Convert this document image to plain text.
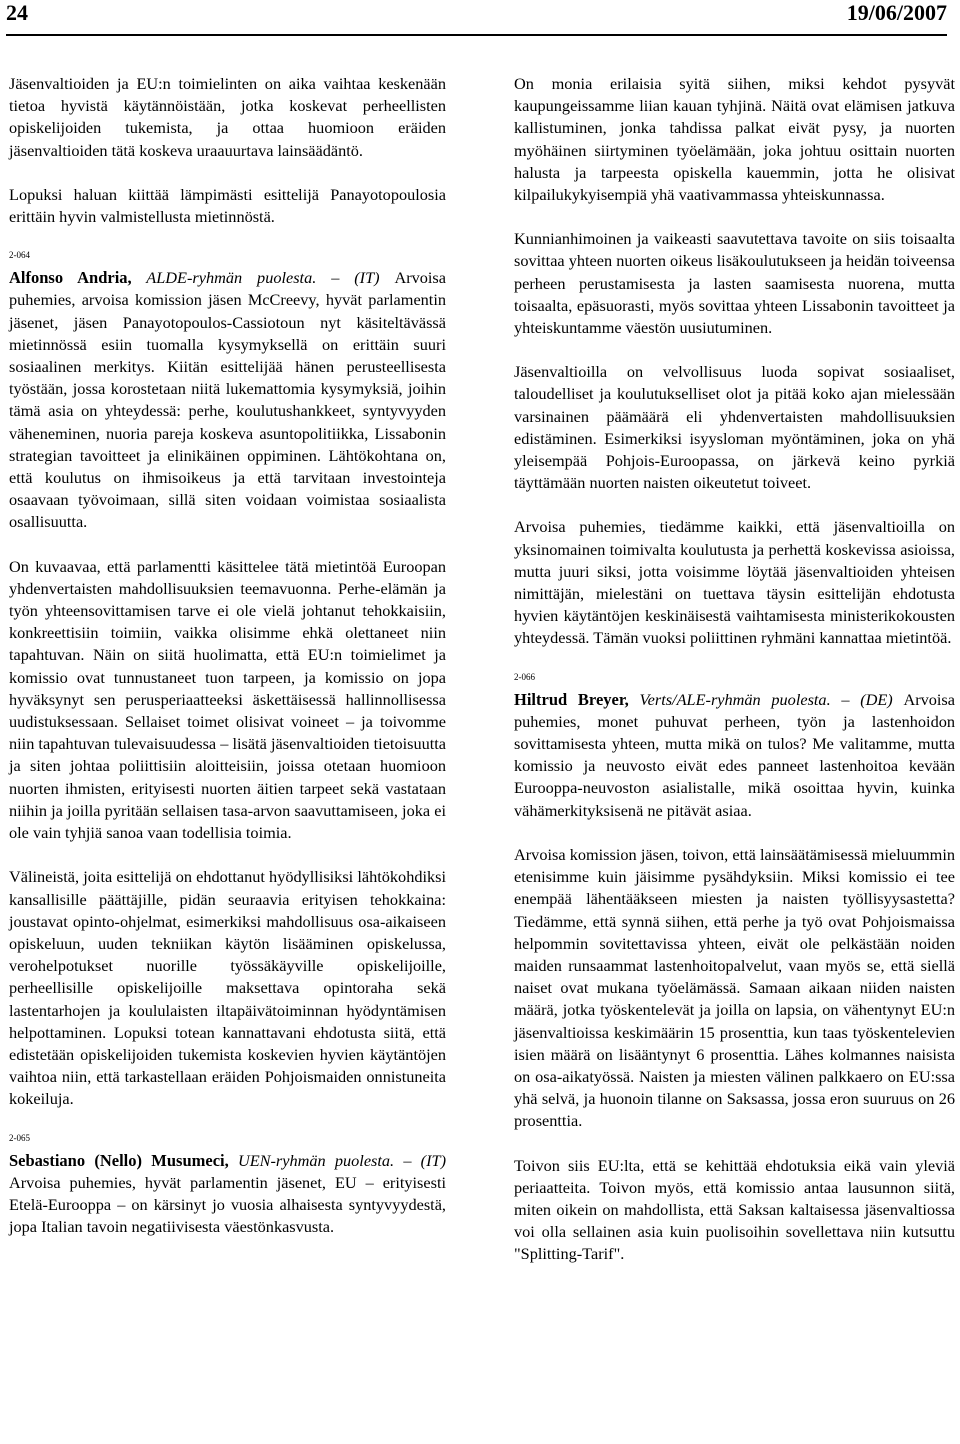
24	19/06/2007

Jäsenvaltioiden ja EU:n toimielinten on aika vaihtaa keskenään tietoa hyvistä käytännöistään, jotka koskevat perheellisten opiskelijoiden tukemista, ja ottaa huomioon eräiden jäsenvaltioiden tätä koskeva uraauurtava lainsäädäntö.

Lopuksi haluan kiittää lämpimästi esittelijä Panayotopoulosia erittäin hyvin valmistellusta mietinnöstä.

2-064

Alfonso Andria, ALDE-ryhmän puolesta. – (IT) Arvoisa puhemies, arvoisa komission jäsen McCreevy, hyvät parlamentin jäsenet, jäsen Panayotopoulos-Cassiotoun nyt käsiteltävässä mietinnössä esiin tuomalla kysymyksellä on erittäin suuri sosiaalinen merkitys. Kiitän esittelijää hänen perusteellisesta työstään, jossa korostetaan niitä lukemattomia kysymyksiä, joihin tämä asia on yhteydessä: perhe, koulutushankkeet, syntyvyyden väheneminen, nuoria pareja koskeva asuntopolitiikka, Lissabonin strategian tavoitteet ja elinikäinen oppiminen. Lähtökohtana on, että koulutus on ihmisoikeus ja että tarvitaan investointeja osaavaan työvoimaan, sillä siten voidaan voimistaa sosiaalista osallisuutta.

On kuvaavaa, että parlamentti käsittelee tätä mietintöä Euroopan yhdenvertaisten mahdollisuuksien teemavuonna. Perhe-elämän ja työn yhteensovittamisen tarve ei ole vielä johtanut tehokkaisiin, konkreettisiin toimiin, vaikka olisimme ehkä olettaneet niin tapahtuvan. Näin on siitä huolimatta, että EU:n toimielimet ja komissio ovat tunnustaneet tuon tarpeen, ja komissio on jopa hyväksynyt sen perusperiaatteeksi äskettäisessä hallinnollisessa uudistuksessaan. Sellaiset toimet olisivat voineet – ja toivomme niin tapahtuvan tulevaisuudessa – lisätä jäsenvaltioiden tietoisuutta ja siten johtaa poliittisiin aloitteisiin, joissa otetaan huomioon nuorten ihmisten, erityisesti nuorten äitien tarpeet sekä vastataan niihin ja joilla pyritään sellaisen tasa-arvon saavuttamiseen, joka ei ole vain tyhjiä sanoa vaan todellisia toimia.

Välineistä, joita esittelijä on ehdottanut hyödyllisiksi lähtökohdiksi kansallisille päättäjille, pidän seuraavia erityisen tehokkaina: joustavat opinto-ohjelmat, esimerkiksi mahdollisuus osa-aikaiseen opiskeluun, uuden tekniikan käytön lisääminen opiskelussa, verohelpotukset nuorille työssäkäyville opiskelijoille, perheellisille opiskelijoille maksettava opintoraha sekä lastentarhojen ja koululaisten iltapäivätoiminnan hyödyntämisen helpottaminen. Lopuksi totean kannattavani ehdotusta siitä, että edistetään opiskelijoiden tukemista koskevien hyvien käytäntöjen vaihtoa niin, että tarkastellaan eräiden Pohjoismaiden onnistuneita kokeiluja.

2-065

Sebastiano (Nello) Musumeci, UEN-ryhmän puolesta. – (IT) Arvoisa puhemies, hyvät parlamentin jäsenet, EU – erityisesti Etelä-Eurooppa – on kärsinyt jo vuosia alhaisesta syntyvyydestä, jopa Italian tavoin negatiivisesta väestönkasvusta.

On monia erilaisia syitä siihen, miksi kehdot pysyvät kaupungeissamme liian kauan tyhjinä. Näitä ovat elämisen jatkuva kallistuminen, jonka tahdissa palkat eivät pysy, ja nuorten myöhäinen siirtyminen työelämään, joka johtuu osittain nuorten halusta ja tarpeesta opiskella kauemmin, jotta he olisivat kilpailukykyisempiä yhä vaativammassa yhteiskunnassa.

Kunnianhimoinen ja vaikeasti saavutettava tavoite on siis toisaalta sovittaa yhteen nuorten oikeus lisäkoulutukseen ja heidän toiveensa perheen perustamisesta ja lasten saamisesta nuorena, mutta toisaalta, epäsuorasti, myös sovittaa yhteen Lissabonin tavoitteet ja yhteiskuntamme väestön uusiutuminen.

Jäsenvaltioilla on velvollisuus luoda sopivat sosiaaliset, taloudelliset ja koulutukselliset olot ja pitää koko ajan mielessään varsinainen päämäärä eli yhdenvertaisten mahdollisuuksien edistäminen. Esimerkiksi isyysloman myöntäminen, joka on yhä yleisempää Pohjois-Euroopassa, on järkevä keino pyrkiä täyttämään nuorten naisten oikeutetut toiveet.

Arvoisa puhemies, tiedämme kaikki, että jäsenvaltioilla on yksinomainen toimivalta koulutusta ja perhettä koskevissa asioissa, mutta juuri siksi, jotta voisimme löytää jäsenvaltioiden yhteisen nimittäjän, mielestäni on tuettava täysin esittelijän ehdotusta hyvien käytäntöjen keskinäisestä vaihtamisesta ministerikokousten yhteydessä. Tämän vuoksi poliittinen ryhmäni kannattaa mietintöä.

2-066

Hiltrud Breyer, Verts/ALE-ryhmän puolesta. – (DE) Arvoisa puhemies, monet puhuvat perheen, työn ja lastenhoidon sovittamisesta yhteen, mutta mikä on tulos? Me valitamme, mutta komissio ja neuvosto eivät edes panneet lastenhoitoa kevään Eurooppa-neuvoston asialistalle, mikä osoittaa hyvin, kuinka vähämerkityksisenä ne pitävät asiaa.

Arvoisa komission jäsen, toivon, että lainsäätämisessä mieluummin etenisimme kuin jäisimme pysähdyksiin. Miksi komissio ei tee enempää lähentääkseen miesten ja naisten työllisyysastetta? Tiedämme, että synnä siihen, että perhe ja työ ovat Pohjoismaissa helpommin sovitettavissa yhteen, eivät ole pelkästään noiden maiden runsaammat lastenhoitopalvelut, vaan myös se, että siellä naiset ovat mukana työelämässä. Samaan aikaan niiden naisten määrä, jotka työskentelevät ja joilla on lapsia, on vähentynyt EU:n jäsenvaltioissa keskimäärin 15 prosenttia, kun taas työskentelevien isien määrä on lisääntynyt 6 prosenttia. Lähes kolmannes naisista on osa-aikatyössä. Naisten ja miesten välinen palkkaero on EU:ssa yhä selvä, ja huonoin tilanne on Saksassa, jossa eron suuruus on 26 prosenttia.

Toivon siis EU:lta, että se kehittää ehdotuksia eikä vain yleviä periaatteita. Toivon myös, että komissio antaa lausunnon siitä, miten oikein on mahdollista, että Saksan kaltaisessa jäsenvaltiossa voi olla sellainen asia kuin puolisoihin sovellettava niin kutsuttu "Splitting-Tarif".
